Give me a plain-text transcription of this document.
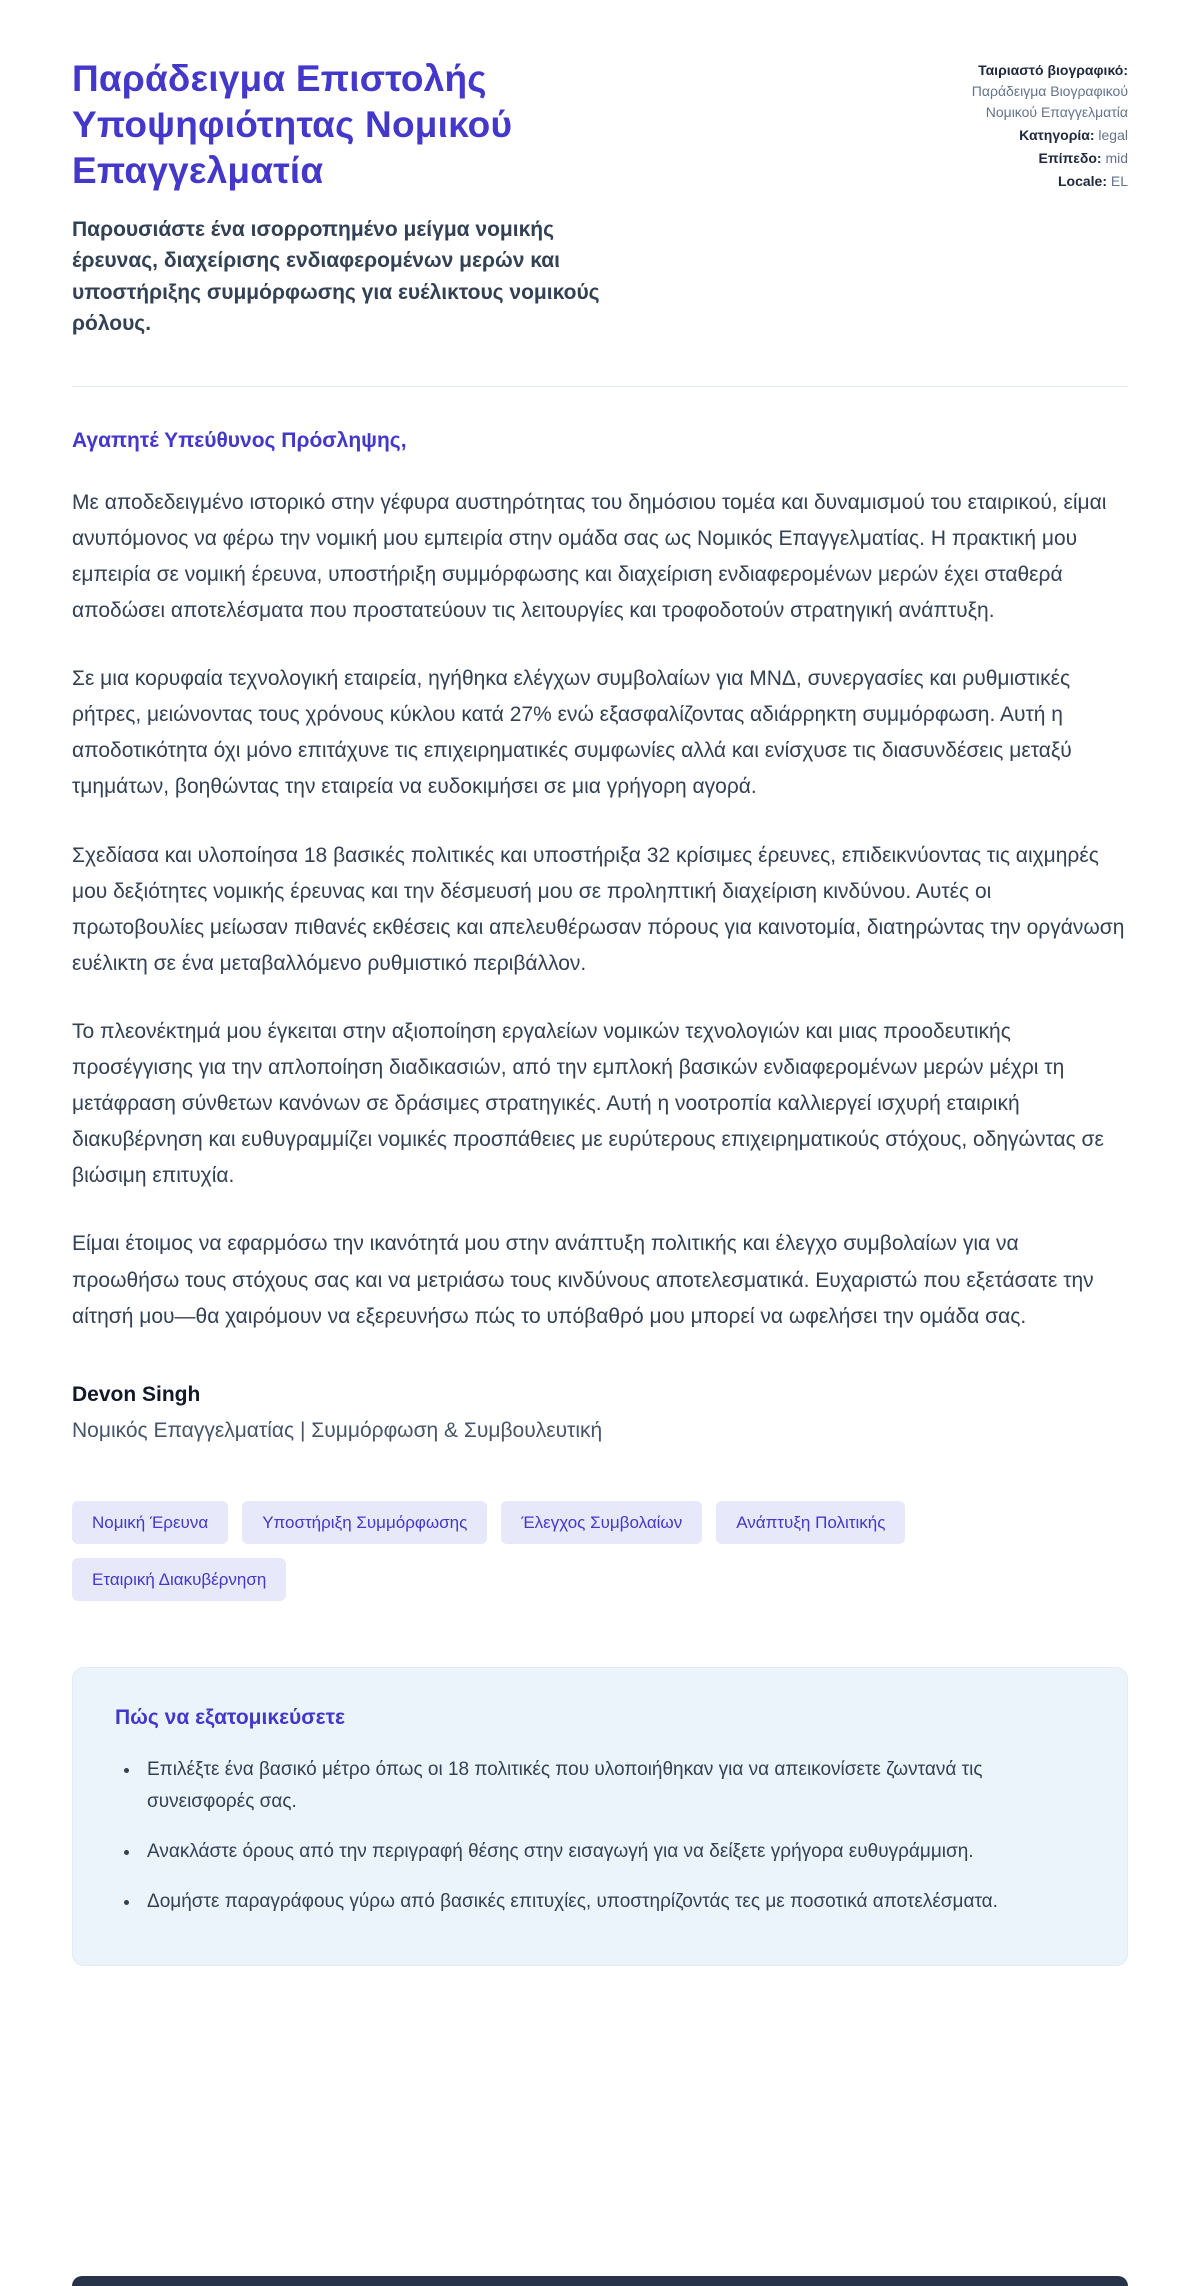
Παράδειγμα Επιστολής Υποψηφιότητας Νομικού Επαγγελματία

Παρουσιάστε ένα ισορροπημένο μείγμα νομικής έρευνας, διαχείρισης ενδιαφερομένων μερών και υποστήριξης συμμόρφωσης για ευέλικτους νομικούς ρόλους.

Ταιριαστό βιογραφικό: Παράδειγμα Βιογραφικού Νομικού Επαγγελματία
Κατηγορία: legal
Επίπεδο: mid
Locale: EL

Αγαπητέ Υπεύθυνος Πρόσληψης,

Με αποδεδειγμένο ιστορικό στην γέφυρα αυστηρότητας του δημόσιου τομέα και δυναμισμού του εταιρικού, είμαι ανυπόμονος να φέρω την νομική μου εμπειρία στην ομάδα σας ως Νομικός Επαγγελματίας. Η πρακτική μου εμπειρία σε νομική έρευνα, υποστήριξη συμμόρφωσης και διαχείριση ενδιαφερομένων μερών έχει σταθερά αποδώσει αποτελέσματα που προστατεύουν τις λειτουργίες και τροφοδοτούν στρατηγική ανάπτυξη.

Σε μια κορυφαία τεχνολογική εταιρεία, ηγήθηκα ελέγχων συμβολαίων για ΜΝΔ, συνεργασίες και ρυθμιστικές ρήτρες, μειώνοντας τους χρόνους κύκλου κατά 27% ενώ εξασφαλίζοντας αδιάρρηκτη συμμόρφωση. Αυτή η αποδοτικότητα όχι μόνο επιτάχυνε τις επιχειρηματικές συμφωνίες αλλά και ενίσχυσε τις διασυνδέσεις μεταξύ τμημάτων, βοηθώντας την εταιρεία να ευδοκιμήσει σε μια γρήγορη αγορά.

Σχεδίασα και υλοποίησα 18 βασικές πολιτικές και υποστήριξα 32 κρίσιμες έρευνες, επιδεικνύοντας τις αιχμηρές μου δεξιότητες νομικής έρευνας και την δέσμευσή μου σε προληπτική διαχείριση κινδύνου. Αυτές οι πρωτοβουλίες μείωσαν πιθανές εκθέσεις και απελευθέρωσαν πόρους για καινοτομία, διατηρώντας την οργάνωση ευέλικτη σε ένα μεταβαλλόμενο ρυθμιστικό περιβάλλον.

Το πλεονέκτημά μου έγκειται στην αξιοποίηση εργαλείων νομικών τεχνολογιών και μιας προοδευτικής προσέγγισης για την απλοποίηση διαδικασιών, από την εμπλοκή βασικών ενδιαφερομένων μερών μέχρι τη μετάφραση σύνθετων κανόνων σε δράσιμες στρατηγικές. Αυτή η νοοτροπία καλλιεργεί ισχυρή εταιρική διακυβέρνηση και ευθυγραμμίζει νομικές προσπάθειες με ευρύτερους επιχειρηματικούς στόχους, οδηγώντας σε βιώσιμη επιτυχία.

Είμαι έτοιμος να εφαρμόσω την ικανότητά μου στην ανάπτυξη πολιτικής και έλεγχο συμβολαίων για να προωθήσω τους στόχους σας και να μετριάσω τους κινδύνους αποτελεσματικά. Ευχαριστώ που εξετάσατε την αίτησή μου—θα χαιρόμουν να εξερευνήσω πώς το υπόβαθρό μου μπορεί να ωφελήσει την ομάδα σας.

Devon Singh

Νομικός Επαγγελματίας | Συμμόρφωση & Συμβουλευτική

Νομική Έρευνα	Υποστήριξη Συμμόρφωσης	Έλεγχος Συμβολαίων	Ανάπτυξη Πολιτικής
Εταιρική Διακυβέρνηση
Πώς να εξατομικεύσετε
• Επιλέξτε ένα βασικό μέτρο όπως οι 18 πολιτικές που υλοποιήθηκαν για να απεικονίσετε ζωντανά τις συνεισφορές σας.
• Ανακλάστε όρους από την περιγραφή θέσης στην εισαγωγή για να δείξετε γρήγορα ευθυγράμμιση.
• Δομήστε παραγράφους γύρω από βασικές επιτυχίες, υποστηρίζοντάς τες με ποσοτικά αποτελέσματα.
